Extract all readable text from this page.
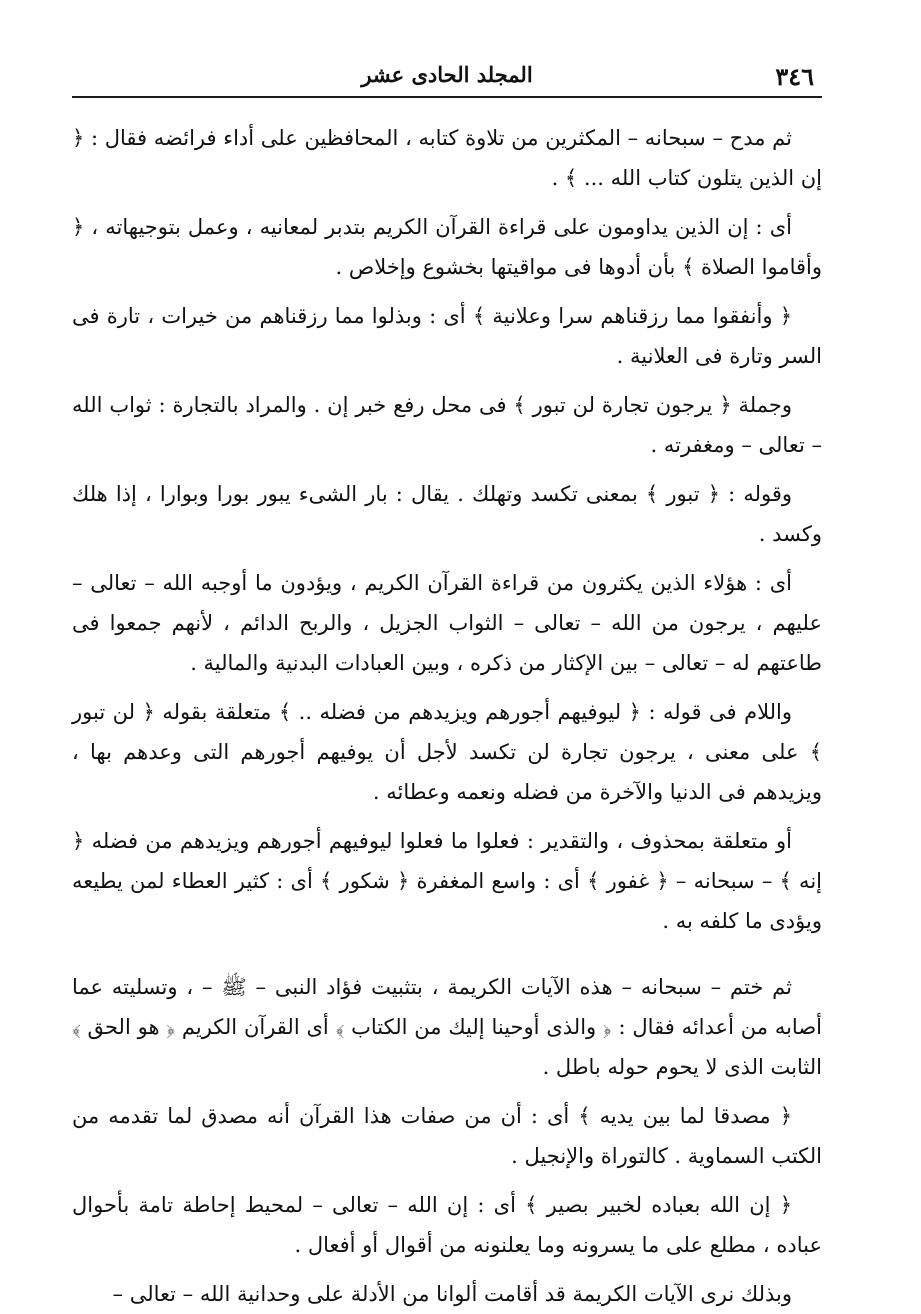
٣٤٦
المجلد الحادى عشر

ثم مدح – سبحانه – المكثرين من تلاوة كتابه ، المحافظين على أداء فرائضه فقال : ﴿ إن الذين يتلون كتاب الله ... ﴾ .

أى : إن الذين يداومون على قراءة القرآن الكريم بتدبر لمعانيه ، وعمل بتوجيهاته ، ﴿ وأقاموا الصلاة ﴾ بأن أدوها فى مواقيتها بخشوع وإخلاص .

﴿ وأنفقوا مما رزقناهم سرا وعلانية ﴾ أى : وبذلوا مما رزقناهم من خيرات ، تارة فى السر وتارة فى العلانية .

وجملة ﴿ يرجون تجارة لن تبور ﴾ فى محل رفع خبر إن . والمراد بالتجارة : ثواب الله – تعالى – ومغفرته .

وقوله : ﴿ تبور ﴾ بمعنى تكسد وتهلك . يقال : بار الشىء يبور بورا وبوارا ، إذا هلك وكسد .

أى : هؤلاء الذين يكثرون من قراءة القرآن الكريم ، ويؤدون ما أوجبه الله – تعالى – عليهم ، يرجون من الله – تعالى – الثواب الجزيل ، والربح الدائم ، لأنهم جمعوا فى طاعتهم له – تعالى – بين الإكثار من ذكره ، وبين العبادات البدنية والمالية .

واللام فى قوله : ﴿ ليوفيهم أجورهم ويزيدهم من فضله .. ﴾ متعلقة بقوله ﴿ لن تبور ﴾ على معنى ، يرجون تجارة لن تكسد لأجل أن يوفيهم أجورهم التى وعدهم بها ، ويزيدهم فى الدنيا والآخرة من فضله ونعمه وعطائه .

أو متعلقة بمحذوف ، والتقدير : فعلوا ما فعلوا ليوفيهم أجورهم ويزيدهم من فضله ﴿ إنه ﴾ – سبحانه – ﴿ غفور ﴾ أى : واسع المغفرة ﴿ شكور ﴾ أى : كثير العطاء لمن يطيعه ويؤدى ما كلفه به .

ثم ختم – سبحانه – هذه الآيات الكريمة ، بتثبيت فؤاد النبى – ﷺ – ، وتسليته عما أصابه من أعدائه فقال : ﴿ والذى أوحينا إليك من الكتاب ﴾ أى القرآن الكريم ﴿ هو الحق ﴾ الثابت الذى لا يحوم حوله باطل .

﴿ مصدقا لما بين يديه ﴾ أى : أن من صفات هذا القرآن أنه مصدق لما تقدمه من الكتب السماوية . كالتوراة والإنجيل .

﴿ إن الله بعباده لخبير بصير ﴾ أى : إن الله – تعالى – لمحيط إحاطة تامة بأحوال عباده ، مطلع على ما يسرونه وما يعلنونه من أقوال أو أفعال .

وبذلك نرى الآيات الكريمة قد أقامت ألوانا من الأدلة على وحدانية الله – تعالى –
